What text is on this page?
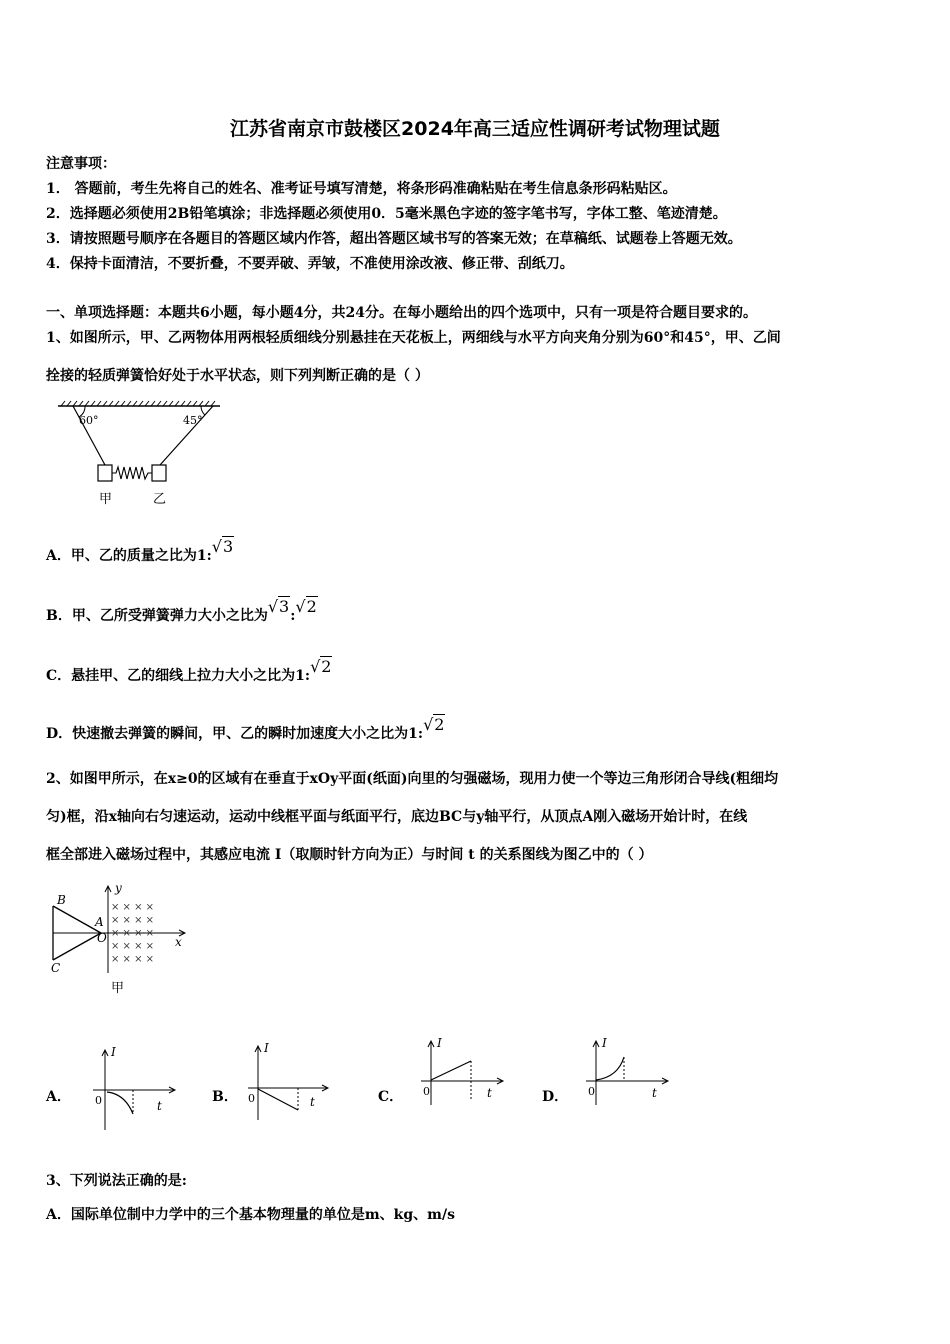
江苏省南京市鼓楼区2024年高三适应性调研考试物理试题
注意事项：
1． 答题前，考生先将自己的姓名、准考证号填写清楚，将条形码准确粘贴在考生信息条形码粘贴区。
2．选择题必须使用2B铅笔填涂；非选择题必须使用0．5毫米黑色字迹的签字笔书写，字体工整、笔迹清楚。
3．请按照题号顺序在各题目的答题区域内作答，超出答题区域书写的答案无效；在草稿纸、试题卷上答题无效。
4．保持卡面清洁，不要折叠，不要弄破、弄皱，不准使用涂改液、修正带、刮纸刀。
一、单项选择题：本题共6小题，每小题4分，共24分。在每小题给出的四个选项中，只有一项是符合题目要求的。
1、如图所示，甲、乙两物体用两根轻质细线分别悬挂在天花板上，两细线与水平方向夹角分别为60°和45°，甲、乙间
拴接的轻质弹簧恰好处于水平状态，则下列判断正确的是（ ）
60°	45°
甲	乙
A．甲、乙的质量之比为1:√3
B．甲、乙所受弹簧弹力大小之比为√3:√2
C．悬挂甲、乙的细线上拉力大小之比为1:√2
D．快速撤去弹簧的瞬间，甲、乙的瞬时加速度大小之比为1:√2
2、如图甲所示，在x≥0的区域有在垂直于xOy平面(纸面)向里的匀强磁场，现用力使一个等边三角形闭合导线(粗细均
匀)框，沿x轴向右匀速运动，运动中线框平面与纸面平行，底边BC与y轴平行，从顶点A刚入磁场开始计时，在线
框全部进入磁场过程中，其感应电流 I（取顺时针方向为正）与时间 t 的关系图线为图乙中的（ ）
× × × ×
× × × ×
× × × ×
× × × ×
× × × ×
B
A
C
O	x
y
甲
A．
I
0	t
B．
I
0	t	C．
I
0	t	D．
I
0	t
3、下列说法正确的是:
A．国际单位制中力学中的三个基本物理量的单位是m、kg、m/s
